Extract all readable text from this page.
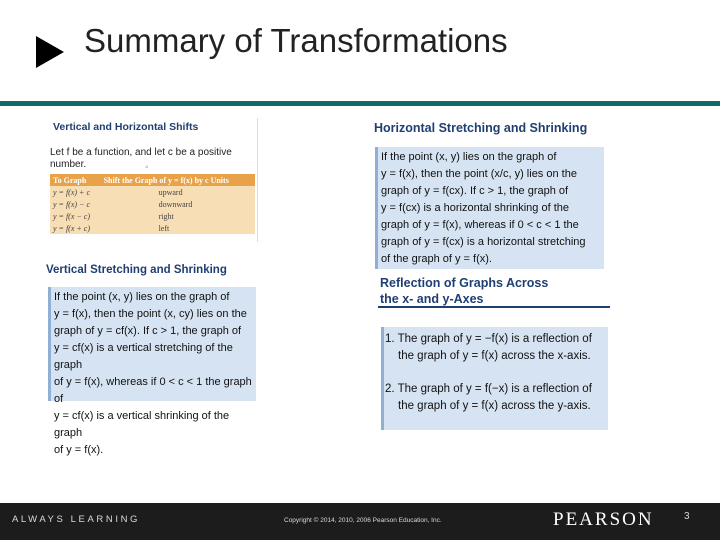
Summary of Transformations
Vertical and Horizontal Shifts
Let f be a function, and let c be a positive number.	◦
To Graph	Shift the Graph of y = f(x) by c Units
y = f(x) + c	upward
y = f(x) − c	downward
y = f(x − c)	right
y = f(x + c)	left
Vertical Stretching and Shrinking

If the point (x, y) lies on the graph of

y = f(x), then the point (x, cy) lies on the

graph of y = cf(x). If c > 1, the graph of

y = cf(x) is a vertical stretching of the graph

of y = f(x), whereas if 0 < c < 1 the graph of

y = cf(x) is a vertical shrinking of the graph

of y = f(x).

Horizontal Stretching and Shrinking

If the point (x, y) lies on the graph of

y = f(x), then the point (x/c, y) lies on the

graph of y = f(cx). If c > 1, the graph of

y = f(cx) is a horizontal shrinking of the

graph of y = f(x), whereas if 0 < c < 1 the

graph of y = f(cx) is a horizontal stretching

of the graph of y = f(x).

Reflection of Graphs Across
the x- and y-Axes

1. The graph of y = −f(x) is a reflection of

the graph of y = f(x) across the x-axis.

2. The graph of y = f(−x) is a reflection of

the graph of y = f(x) across the y-axis.

ALWAYS LEARNING	Copyright © 2014, 2010, 2006 Pearson Education, Inc.	PEARSON	3
